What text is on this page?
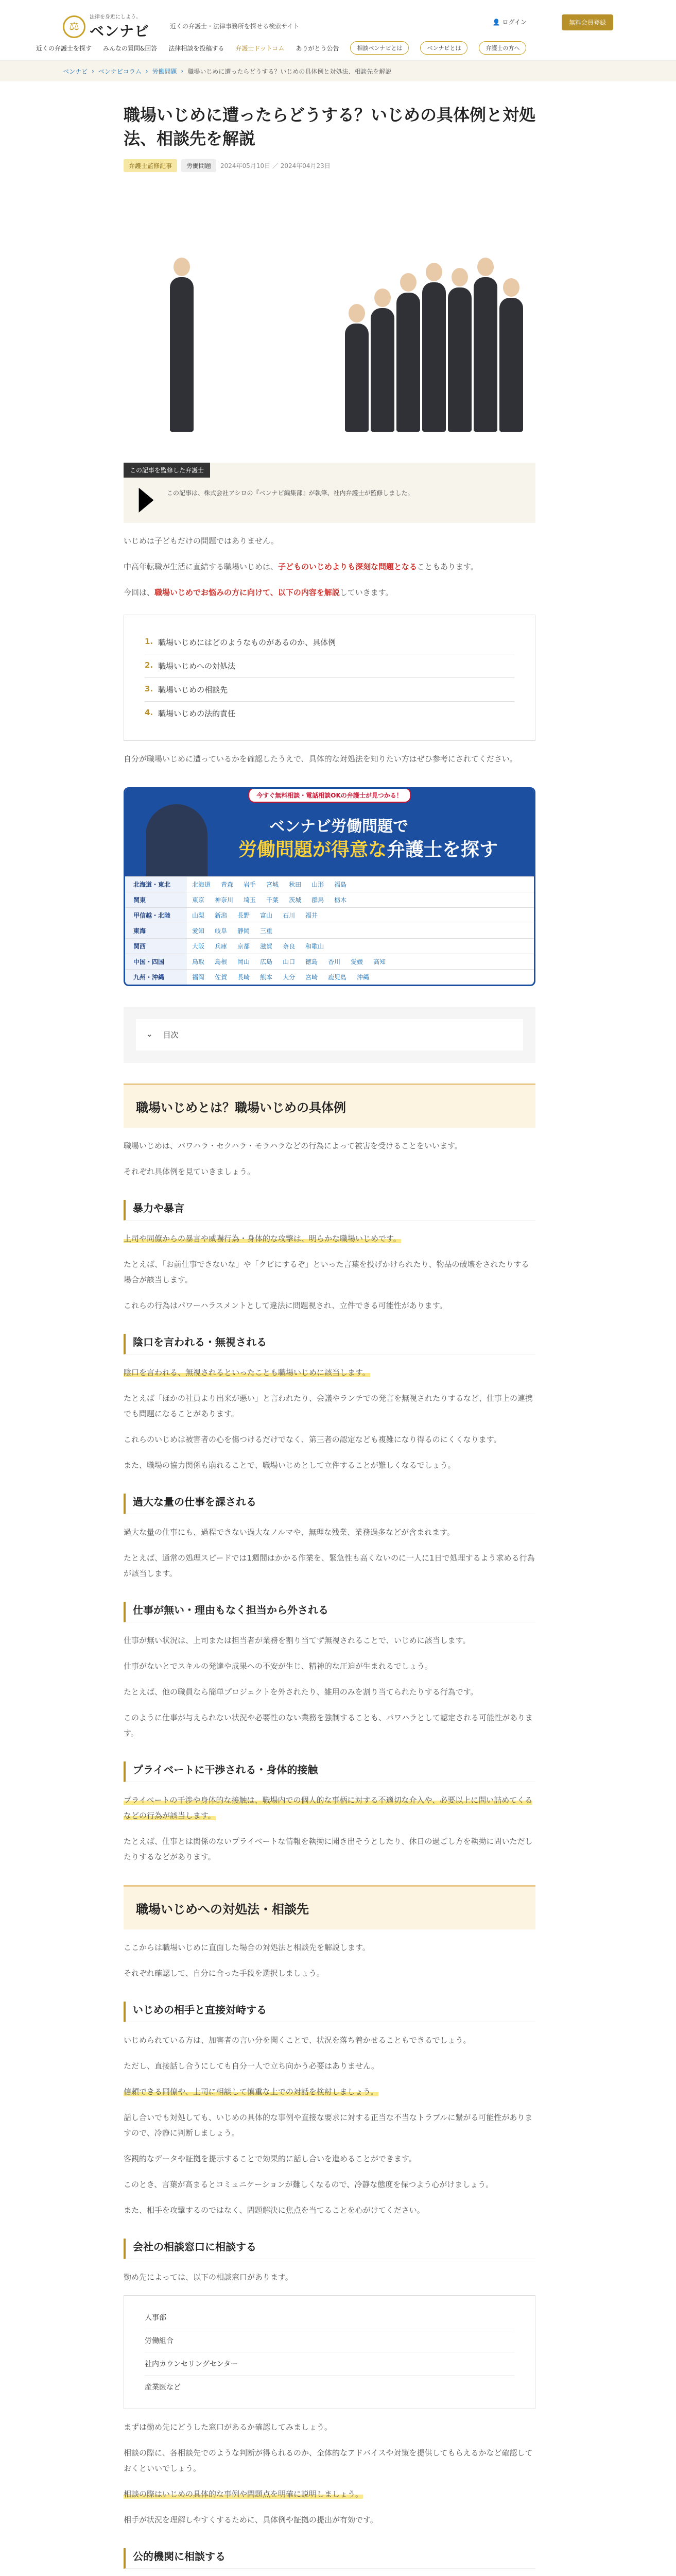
⚖
法律を身近にしよう。
ベンナビ	近くの弁護士・法律事務所を探せる検索サイト
👤 ログイン	無料会員登録
近くの弁護士を探す みんなの質問&回答 法律相談を投稿する 弁護士ドットコム ありがとう公告	相談ベンナビとは	ベンナビとは	弁護士の方へ
ベンナビ › ベンナビコラム › 労働問題 › 職場いじめに遭ったらどうする？いじめの具体例と対処法、相談先を解説
職場いじめに遭ったらどうする？いじめの具体例と対処法、相談先を解説
弁護士監修記事	労働問題	2024年05月10日 ／ 2024年04月23日
この記事を監修した弁護士
この記事は、株式会社アシロの『ベンナビ編集部』が執筆、社内弁護士が監修しました。

いじめは子どもだけの問題ではありません。

中高年転職が生活に直結する職場いじめは、子どものいじめよりも深刻な問題となることもあります。

今回は、職場いじめでお悩みの方に向けて、以下の内容を解説していきます。

1. 職場いじめにはどのようなものがあるのか、具体例
2. 職場いじめへの対処法
3. 職場いじめの相談先
4. 職場いじめの法的責任

自分が職場いじめに遭っているかを確認したうえで、具体的な対処法を知りたい方はぜひ参考にされてください。

今すぐ無料相談・電話相談OKの弁護士が見つかる！
ベンナビ労働問題で
労働問題が得意な弁護士を探す
北海道・東北	北海道	青森	岩手	宮城	秋田	山形	福島
関東	東京	神奈川	埼玉	千葉	茨城	群馬	栃木
甲信越・北陸	山梨	新潟	長野	富山	石川	福井
東海	愛知	岐阜	静岡	三重
関西	大阪	兵庫	京都	滋賀	奈良	和歌山
中国・四国	鳥取	島根	岡山	広島	山口	徳島	香川	愛媛	高知
九州・沖縄	福岡	佐賀	長崎	熊本	大分	宮崎	鹿児島	沖縄
⌄ 目次
職場いじめとは？職場いじめの具体例

職場いじめは、パワハラ・セクハラ・モラハラなどの行為によって被害を受けることをいいます。

それぞれ具体例を見ていきましょう。

暴力や暴言

上司や同僚からの暴言や威嚇行為・身体的な攻撃は、明らかな職場いじめです。

たとえば、「お前仕事できないな」や「クビにするぞ」といった言葉を投げかけられたり、物品の破壊をされたりする場合が該当します。

これらの行為はパワーハラスメントとして違法に問題視され、立件できる可能性があります。

陰口を言われる・無視される

陰口を言われる、無視されるといったことも職場いじめに該当します。

たとえば「ほかの社員より出来が悪い」と言われたり、会議やランチでの発言を無視されたりするなど、仕事上の連携でも問題になることがあります。

これらのいじめは被害者の心を傷つけるだけでなく、第三者の認定なども複雑になり得るのにくくなります。

また、職場の協力関係も崩れることで、職場いじめとして立件することが難しくなるでしょう。

過大な量の仕事を課される

過大な量の仕事にも、過程できない過大なノルマや、無理な残業、業務過多などが含まれます。

たとえば、通常の処理スピードでは1週間はかかる作業を、緊急性も高くないのに一人に1日で処理するよう求める行為が該当します。

仕事が無い・理由もなく担当から外される

仕事が無い状況は、上司または担当者が業務を割り当てず無視されることで、いじめに該当します。

仕事がないとでスキルの発達や成果への不安が生じ、精神的な圧迫が生まれるでしょう。

たとえば、他の職員なら簡単プロジェクトを外されたり、雑用のみを割り当てられたりする行為です。

このように仕事が与えられない状況や必要性のない業務を強制することも、パワハラとして認定される可能性があります。

プライベートに干渉される・身体的接触

プライベートの干渉や身体的な接触は、職場内での個人的な事柄に対する不適切な介入や、必要以上に問い詰めてくるなどの行為が該当します。

たとえば、仕事とは関係のないプライベートな情報を執拗に聞き出そうとしたり、休日の過ごし方を執拗に問いただしたりするなどがあります。

職場いじめへの対処法・相談先

ここからは職場いじめに直面した場合の対処法と相談先を解説します。

それぞれ確認して、自分に合った手段を選択しましょう。

いじめの相手と直接対峙する

いじめられている方は、加害者の言い分を聞くことで、状況を落ち着かせることもできるでしょう。

ただし、直接話し合うにしても自分一人で立ち向かう必要はありません。

信頼できる同僚や、上司に相談して慎重な上での対話を検討しましょう。

話し合いでも対処しても、いじめの具体的な事例や直接な要求に対する正当な不当なトラブルに繋がる可能性がありますので、冷静に判断しましょう。

客観的なデータや証拠を提示することで効果的に話し合いを進めることができます。

このとき、言葉が高まるとコミュニケーションが難しくなるので、冷静な態度を保つよう心がけましょう。

また、相手を攻撃するのではなく、問題解決に焦点を当てることを心がけてください。

会社の相談窓口に相談する

勤め先によっては、以下の相談窓口があります。

人事部
労働組合
社内カウンセリングセンター
産業医など

まずは勤め先にどうした窓口があるか確認してみましょう。

相談の際に、各相談先でのような判断が得られるのか、全体的なアドバイスや対策を提供してもらえるかなど確認しておくといいでしょう。

相談の際はいじめの具体的な事例や問題点を明確に説明しましょう。

相手が状況を理解しやすくするために、具体例や証拠の提出が有効です。

公的機関に相談する
